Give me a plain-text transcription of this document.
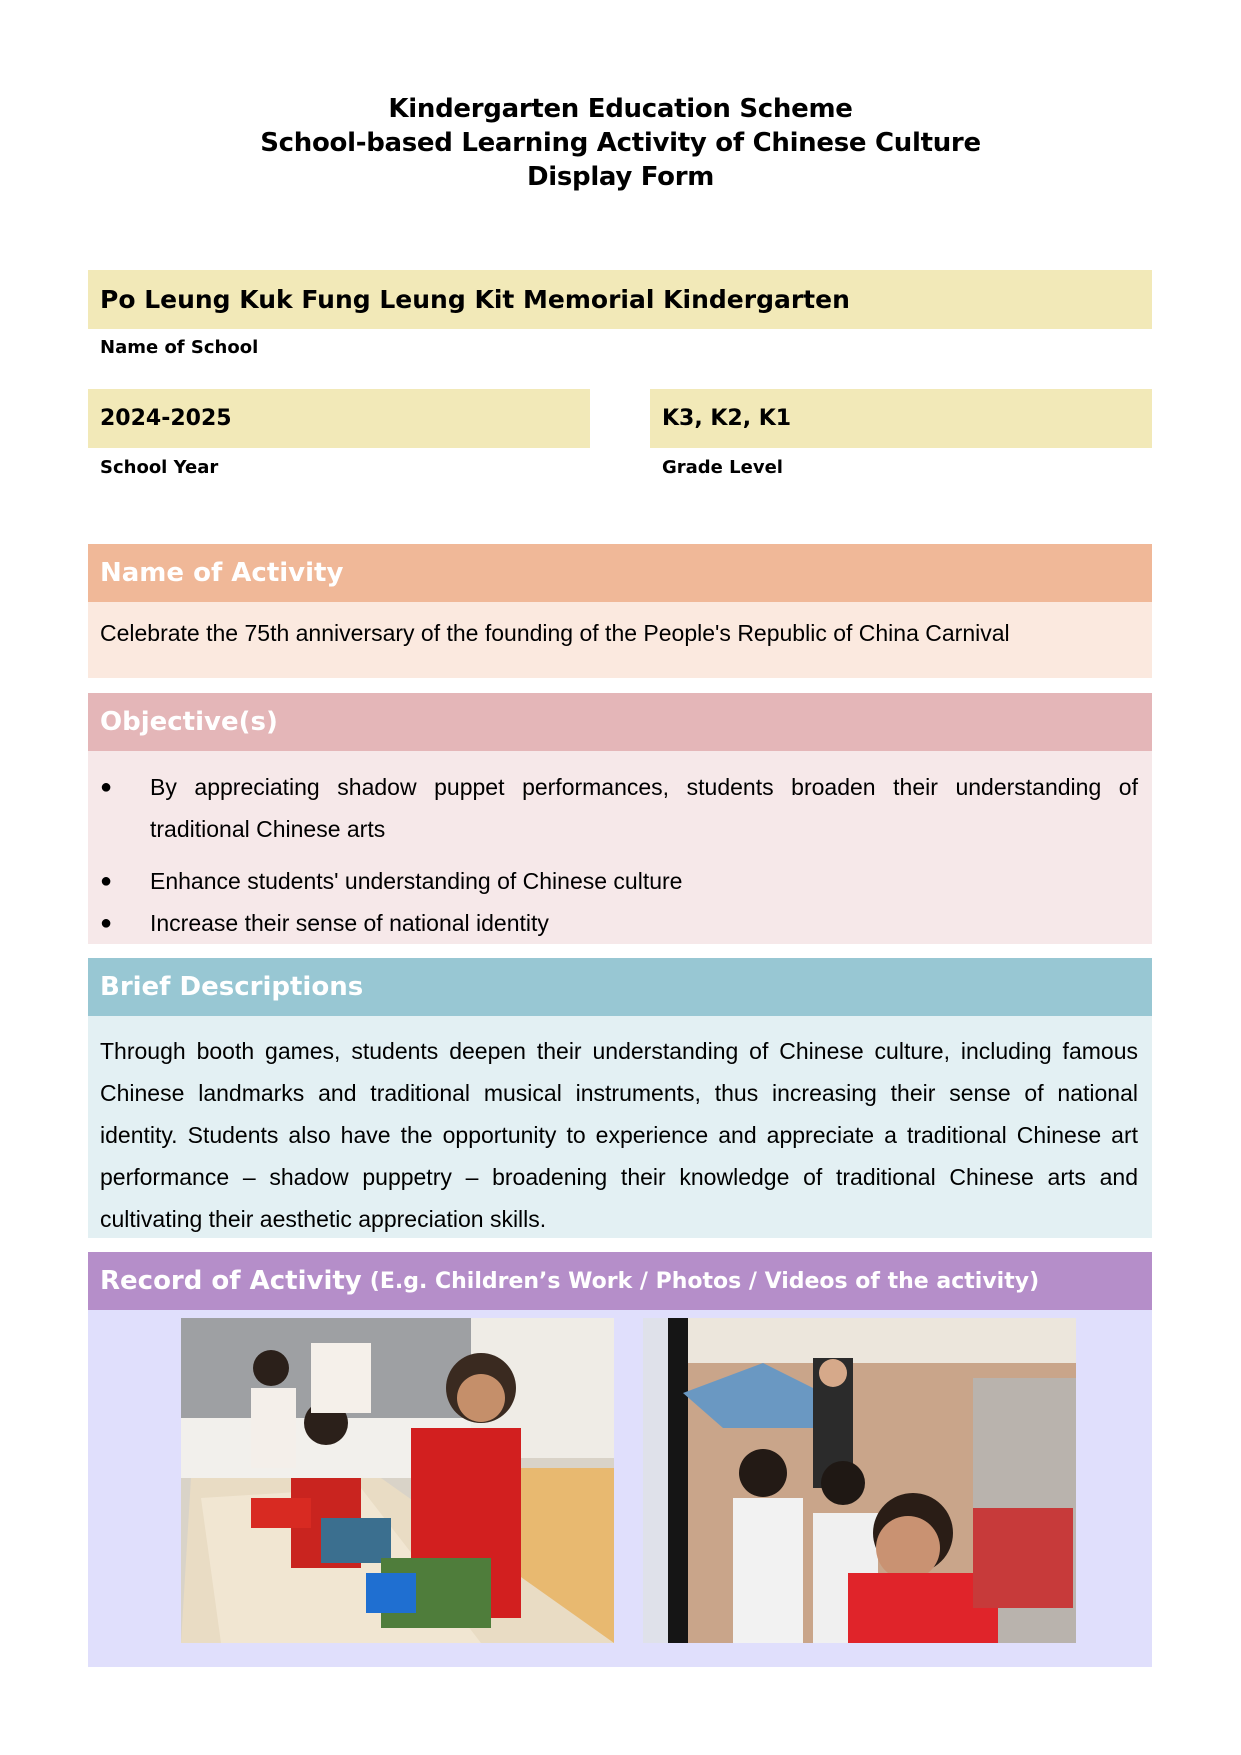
Kindergarten Education Scheme
School-based Learning Activity of Chinese Culture
Display Form
Po Leung Kuk Fung Leung Kit Memorial Kindergarten
Name of School
2024-2025
School Year
K3, K2, K1
Grade Level
Name of Activity
Celebrate the 75th anniversary of the founding of the People's Republic of China Carnival
Objective(s)
●	By appreciating shadow puppet performances, students broaden their understanding of traditional Chinese arts
●	Enhance students' understanding of Chinese culture
●	Increase their sense of national identity
Brief Descriptions
Through booth games, students deepen their understanding of Chinese culture, including famous Chinese landmarks and traditional musical instruments, thus increasing their sense of national identity. Students also have the opportunity to experience and appreciate a traditional Chinese art performance – shadow puppetry – broadening their knowledge of traditional Chinese arts and cultivating their aesthetic appreciation skills.
Record of Activity (E.g. Children’s Work / Photos / Videos of the activity)
